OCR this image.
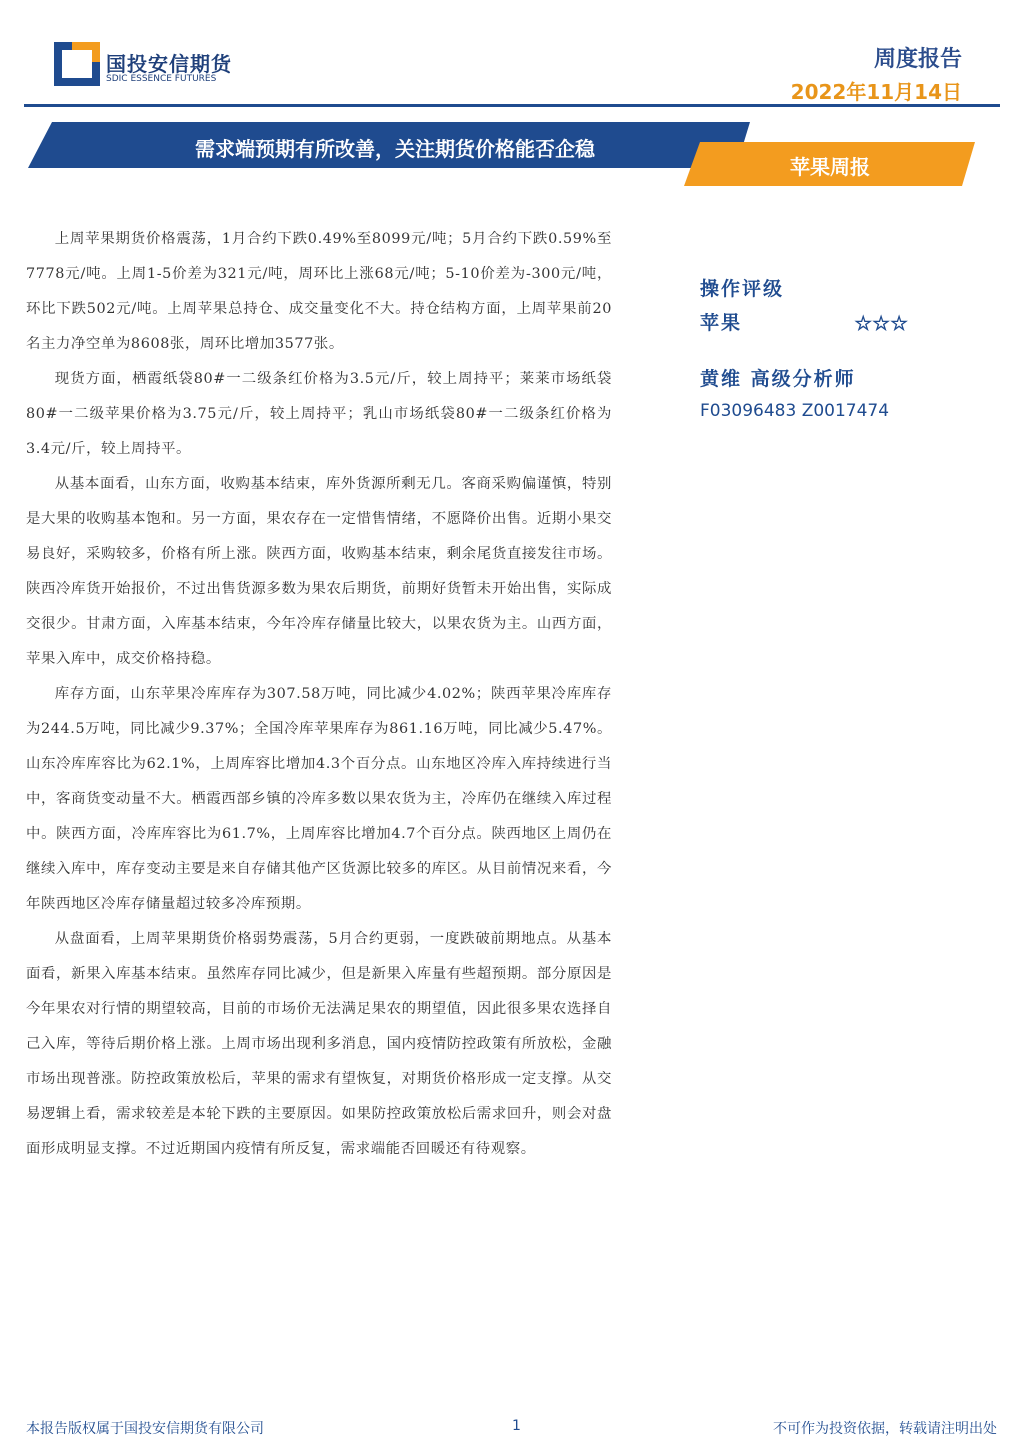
国投安信期货
SDIC ESSENCE FUTURES
周度报告
2022年11月14日
需求端预期有所改善，关注期货价格能否企稳
苹果周报

上周苹果期货价格震荡，1月合约下跌0.49%至8099元/吨；5月合约下跌0.59%至7778元/吨。上周1-5价差为321元/吨，周环比上涨68元/吨；5-10价差为-300元/吨，环比下跌502元/吨。上周苹果总持仓、成交量变化不大。持仓结构方面，上周苹果前20名主力净空单为8608张，周环比增加3577张。

现货方面，栖霞纸袋80#一二级条红价格为3.5元/斤，较上周持平；莱莱市场纸袋80#一二级苹果价格为3.75元/斤，较上周持平；乳山市场纸袋80#一二级条红价格为3.4元/斤，较上周持平。

从基本面看，山东方面，收购基本结束，库外货源所剩无几。客商采购偏谨慎，特别是大果的收购基本饱和。另一方面，果农存在一定惜售情绪，不愿降价出售。近期小果交易良好，采购较多，价格有所上涨。陕西方面，收购基本结束，剩余尾货直接发往市场。陕西冷库货开始报价，不过出售货源多数为果农后期货，前期好货暂未开始出售，实际成交很少。甘肃方面，入库基本结束，今年冷库存储量比较大，以果农货为主。山西方面，苹果入库中，成交价格持稳。

库存方面，山东苹果冷库库存为307.58万吨，同比减少4.02%；陕西苹果冷库库存为244.5万吨，同比减少9.37%；全国冷库苹果库存为861.16万吨，同比减少5.47%。山东冷库库容比为62.1%，上周库容比增加4.3个百分点。山东地区冷库入库持续进行当中，客商货变动量不大。栖霞西部乡镇的冷库多数以果农货为主，冷库仍在继续入库过程中。陕西方面，冷库库容比为61.7%，上周库容比增加4.7个百分点。陕西地区上周仍在继续入库中，库存变动主要是来自存储其他产区货源比较多的库区。从目前情况来看，今年陕西地区冷库存储量超过较多冷库预期。

从盘面看，上周苹果期货价格弱势震荡，5月合约更弱，一度跌破前期地点。从基本面看，新果入库基本结束。虽然库存同比减少，但是新果入库量有些超预期。部分原因是今年果农对行情的期望较高，目前的市场价无法满足果农的期望值，因此很多果农选择自己入库，等待后期价格上涨。上周市场出现利多消息，国内疫情防控政策有所放松，金融市场出现普涨。防控政策放松后，苹果的需求有望恢复，对期货价格形成一定支撑。从交易逻辑上看，需求较差是本轮下跌的主要原因。如果防控政策放松后需求回升，则会对盘面形成明显支撑。不过近期国内疫情有所反复，需求端能否回暖还有待观察。

操作评级
苹果	☆☆☆
黄维 高级分析师
F03096483 Z0017474
本报告版权属于国投安信期货有限公司	1	不可作为投资依据，转载请注明出处
